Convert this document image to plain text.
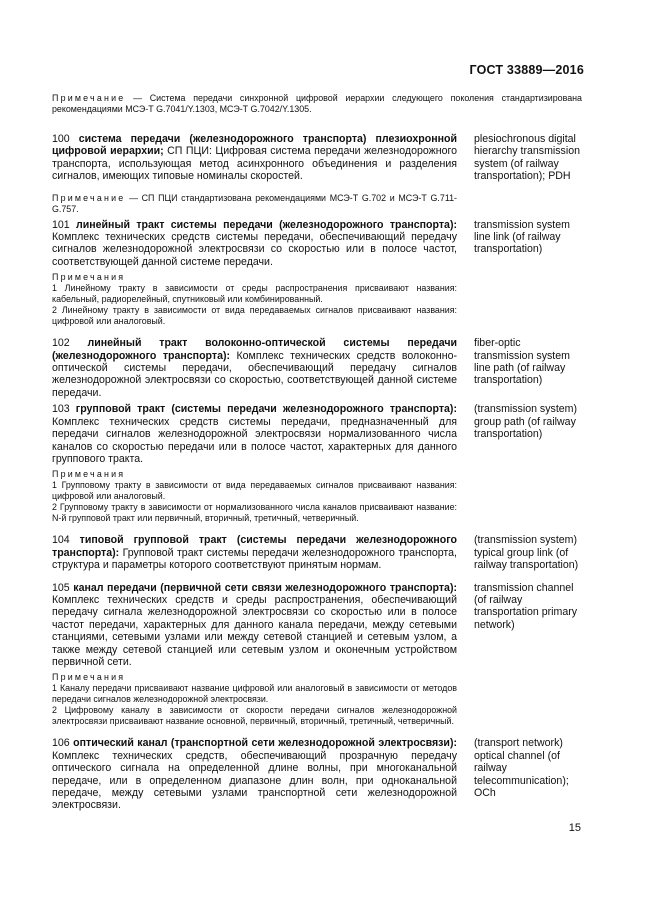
ГОСТ 33889—2016
Примечание — Система передачи синхронной цифровой иерархии следующего поколения стандартизирована рекомендациями МСЭ-Т G.7041/Y.1303, МСЭ-Т G.7042/Y.1305.
100 система передачи (железнодорожного транспорта) плезиохронной цифровой иерархии; СП ПЦИ: Цифровая система передачи железнодорожного транспорта, использующая метод асинхронного объединения и разделения сигналов, имеющих типовые номиналы скоростей.
plesiochronous digital hierarchy transmission system (of railway transportation); PDH
Примечание — СП ПЦИ стандартизована рекомендациями МСЭ-Т G.702 и МСЭ-Т G.711-G.757.
101 линейный тракт системы передачи (железнодорожного транспорта): Комплекс технических средств системы передачи, обеспечивающий передачу сигналов железнодорожной электросвязи со скоростью или в полосе частот, соответствующей данной системе передачи.
Примечания
1 Линейному тракту в зависимости от среды распространения присваивают названия: кабельный, радиорелейный, спутниковый или комбинированный.
2 Линейному тракту в зависимости от вида передаваемых сигналов присваивают названия: цифровой или аналоговый.
transmission system line link (of railway transportation)
102 линейный тракт волоконно-оптической системы передачи (железнодорожного транспорта): Комплекс технических средств волоконно-оптической системы передачи, обеспечивающий передачу сигналов железнодорожной электросвязи со скоростью, соответствующей данной системе передачи.
fiber-optic transmission system line path (of railway transportation)
103 групповой тракт (системы передачи железнодорожного транспорта): Комплекс технических средств системы передачи, предназначенный для передачи сигналов железнодорожной электросвязи нормализованного числа каналов со скоростью передачи или в полосе частот, характерных для данного группового тракта.
Примечания
1 Групповому тракту в зависимости от вида передаваемых сигналов присваивают названия: цифровой или аналоговый.
2 Групповому тракту в зависимости от нормализованного числа каналов присваивают название: N-й групповой тракт или первичный, вторичный, третичный, четверичный.
(transmission system) group path (of railway transportation)
104 типовой групповой тракт (системы передачи железнодорожного транспорта): Групповой тракт системы передачи железнодорожного транспорта, структура и параметры которого соответствуют принятым нормам.
(transmission system) typical group link (of railway transportation)
105 канал передачи (первичной сети связи железнодорожного транспорта): Комплекс технических средств и среды распространения, обеспечивающий передачу сигнала железнодорожной электросвязи со скоростью или в полосе частот передачи, характерных для данного канала передачи, между сетевыми станциями, сетевыми узлами или между сетевой станцией и сетевым узлом, а также между сетевой станцией или сетевым узлом и оконечным устройством первичной сети.
Примечания
1 Каналу передачи присваивают название цифровой или аналоговый в зависимости от методов передачи сигналов железнодорожной электросвязи.
2 Цифровому каналу в зависимости от скорости передачи сигналов железнодорожной электросвязи присваивают название основной, первичный, вторичный, третичный, четверичный.
transmission channel (of railway transportation primary network)
106 оптический канал (транспортной сети железнодорожной электросвязи): Комплекс технических средств, обеспечивающий прозрачную передачу оптического сигнала на определенной длине волны, при многоканальной передаче, или в определенном диапазоне длин волн, при одноканальной передаче, между сетевыми узлами транспортной сети железнодорожной электросвязи.
(transport network) optical channel (of railway telecommunication); OCh
15
